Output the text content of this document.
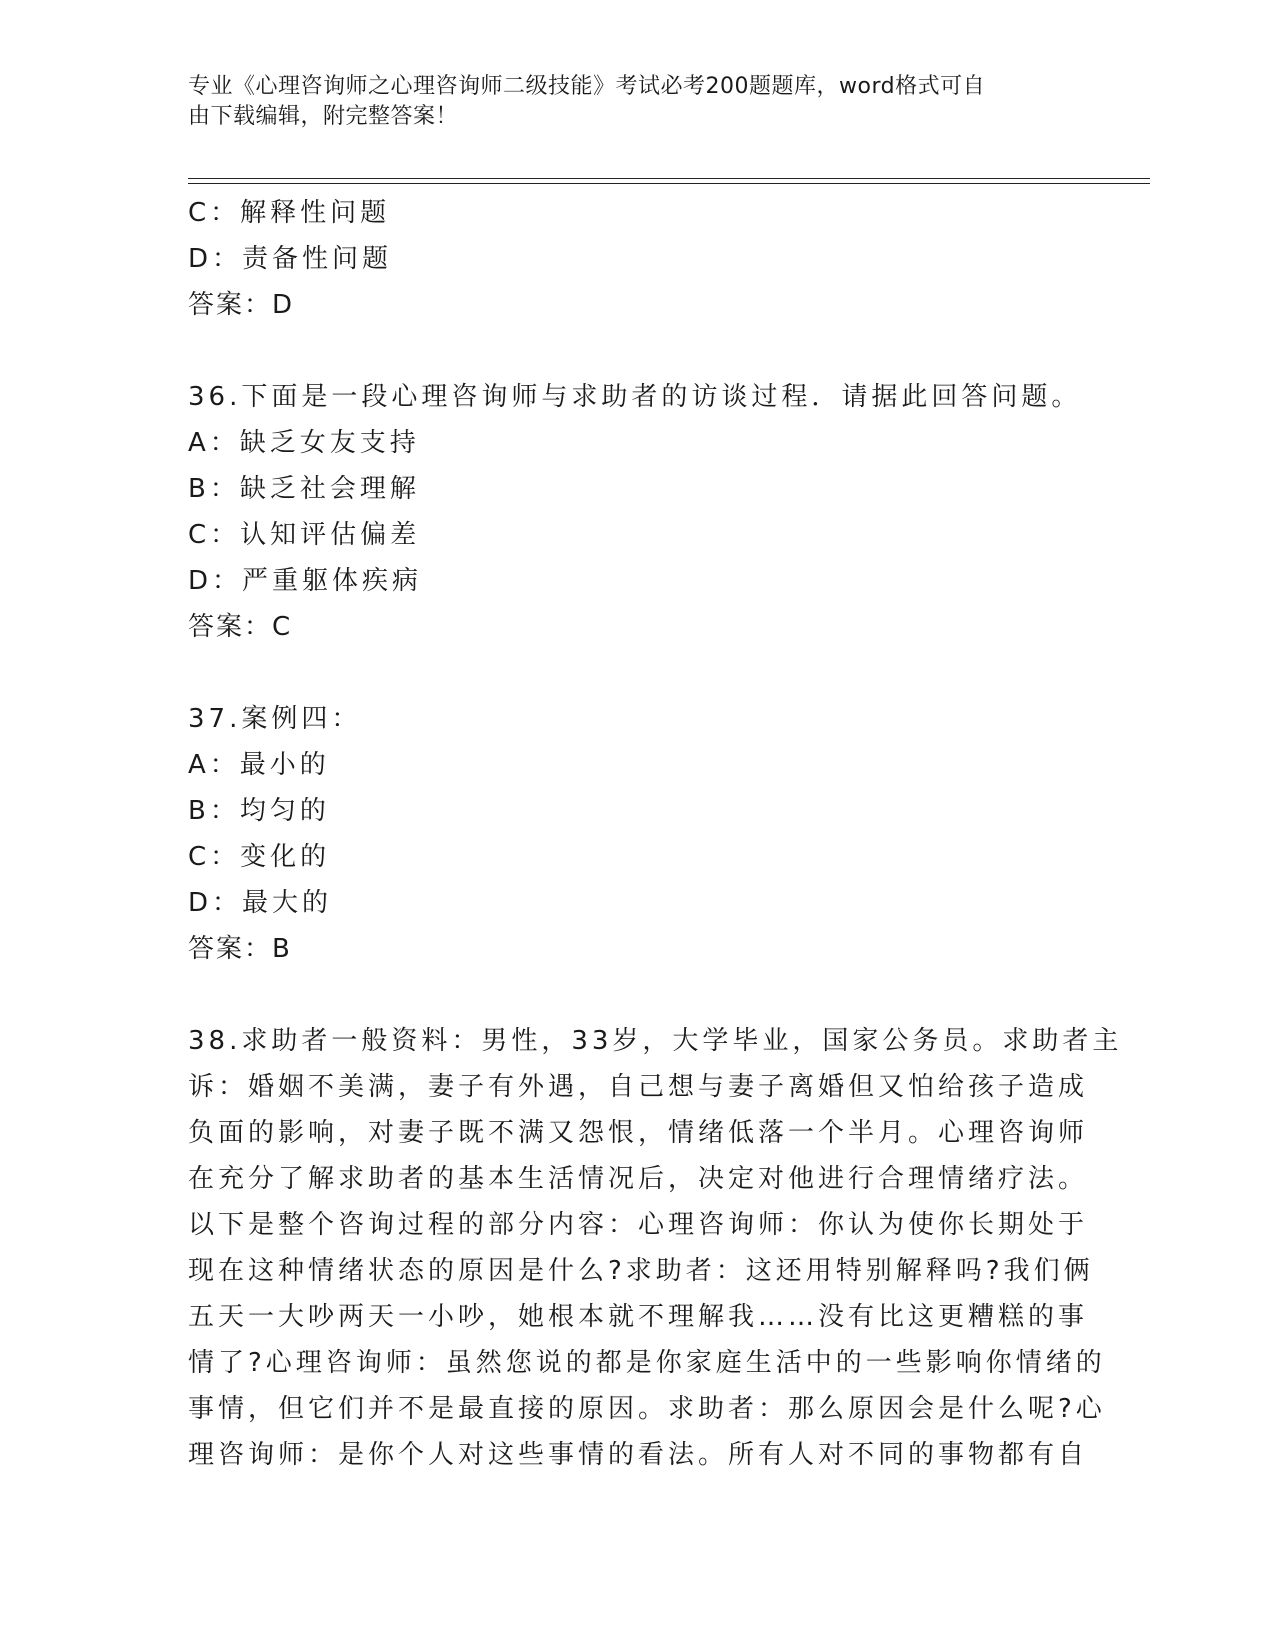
专业《心理咨询师之心理咨询师二级技能》考试必考200题题库，word格式可自
由下载编辑，附完整答案！
C：解释性问题
D：责备性问题
答案：D
36.下面是一段心理咨询师与求助者的访谈过程．请据此回答问题。
A：缺乏女友支持
B：缺乏社会理解
C：认知评估偏差
D：严重躯体疾病
答案：C
37.案例四：
A：最小的
B：均匀的
C：变化的
D：最大的
答案：B
38.求助者一般资料：男性，33岁，大学毕业，国家公务员。求助者主
诉：婚姻不美满，妻子有外遇，自己想与妻子离婚但又怕给孩子造成
负面的影响，对妻子既不满又怨恨，情绪低落一个半月。心理咨询师
在充分了解求助者的基本生活情况后，决定对他进行合理情绪疗法。
以下是整个咨询过程的部分内容：心理咨询师：你认为使你长期处于
现在这种情绪状态的原因是什么?求助者：这还用特别解释吗?我们俩
五天一大吵两天一小吵，她根本就不理解我……没有比这更糟糕的事
情了?心理咨询师：虽然您说的都是你家庭生活中的一些影响你情绪的
事情，但它们并不是最直接的原因。求助者：那么原因会是什么呢?心
理咨询师：是你个人对这些事情的看法。所有人对不同的事物都有自
